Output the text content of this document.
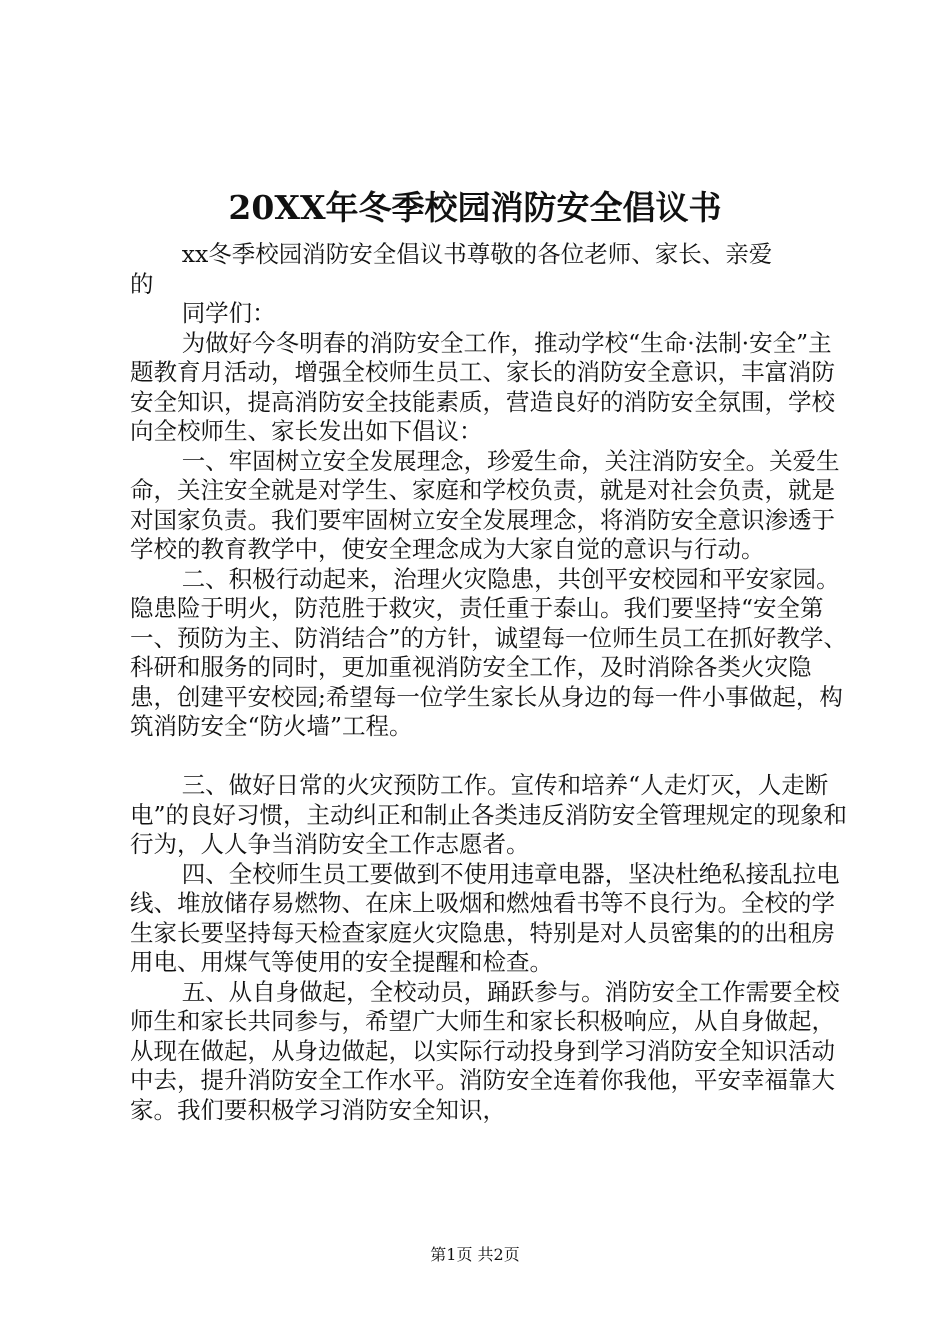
20XX年冬季校园消防安全倡议书

xx冬季校园消防安全倡议书尊敬的各位老师、家长、亲爱

的

同学们：

为做好今冬明春的消防安全工作，推动学校“生命·法制·安全”主题教育月活动，增强全校师生员工、家长的消防安全意识，丰富消防安全知识，提高消防安全技能素质，营造良好的消防安全氛围，学校向全校师生、家长发出如下倡议：

一、牢固树立安全发展理念，珍爱生命，关注消防安全。关爱生命，关注安全就是对学生、家庭和学校负责，就是对社会负责，就是对国家负责。我们要牢固树立安全发展理念，将消防安全意识渗透于学校的教育教学中，使安全理念成为大家自觉的意识与行动。

二、积极行动起来，治理火灾隐患，共创平安校园和平安家园。隐患险于明火，防范胜于救灾，责任重于泰山。我们要坚持“安全第一、预防为主、防消结合”的方针，诚望每一位师生员工在抓好教学、科研和服务的同时，更加重视消防安全工作，及时消除各类火灾隐患，创建平安校园;希望每一位学生家长从身边的每一件小事做起，构筑消防安全“防火墙”工程。

三、做好日常的火灾预防工作。宣传和培养“人走灯灭，人走断电”的良好习惯，主动纠正和制止各类违反消防安全管理规定的现象和行为，人人争当消防安全工作志愿者。

四、全校师生员工要做到不使用违章电器，坚决杜绝私接乱拉电线、堆放储存易燃物、在床上吸烟和燃烛看书等不良行为。全校的学生家长要坚持每天检查家庭火灾隐患，特别是对人员密集的的出租房用电、用煤气等使用的安全提醒和检查。

五、从自身做起，全校动员，踊跃参与。消防安全工作需要全校师生和家长共同参与，希望广大师生和家长积极响应，从自身做起，从现在做起，从身边做起，以实际行动投身到学习消防安全知识活动中去，提升消防安全工作水平。消防安全连着你我他，平安幸福靠大家。我们要积极学习消防安全知识，

第1页 共2页
